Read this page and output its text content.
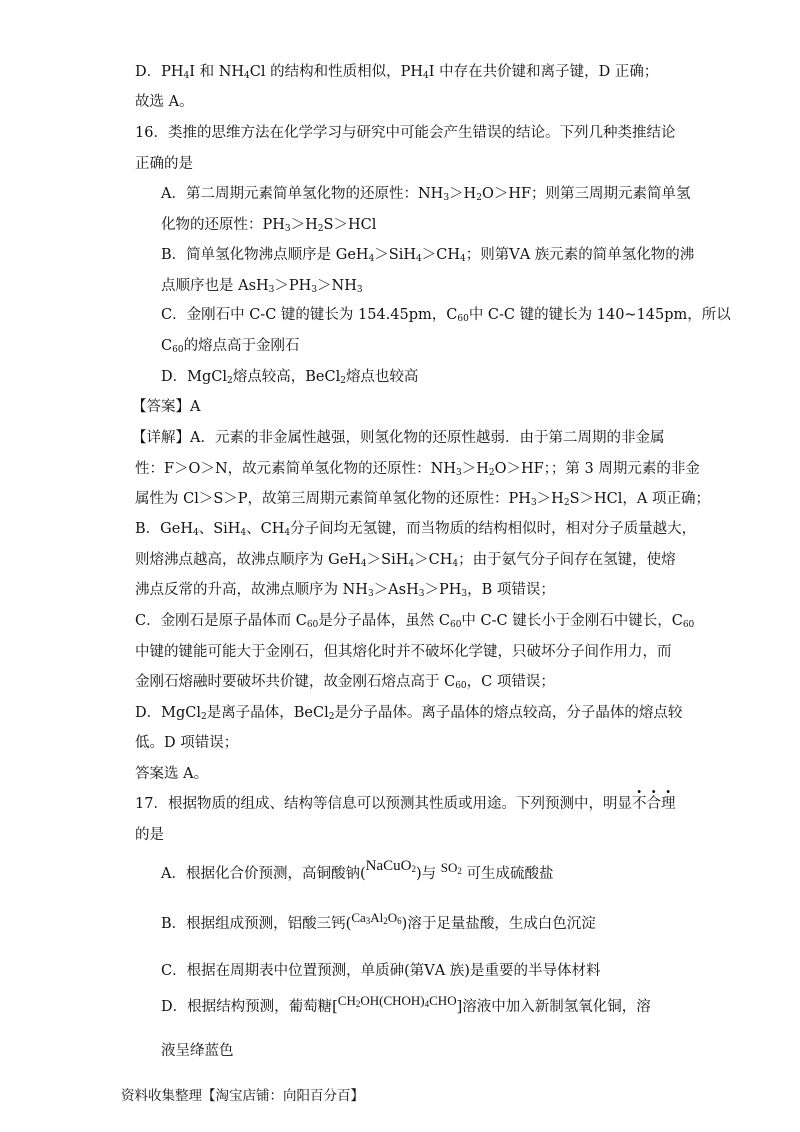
D．$PH_4I$ 和 $NH_4Cl$ 的结构和性质相似，$PH_4I$ 中存在共价键和离子键，D 正确；
故选 A。
16．类推的思维方法在化学学习与研究中可能会产生错误的结论。下列几种类推结论
正确的是
A．第二周期元素简单氢化物的还原性：$NH_3>H_2O>HF$；则第三周期元素简单氢
化物的还原性：$PH_3>H_2S>HCl$
B．简单氢化物沸点顺序是 $GeH_4>SiH_4>CH_4$；则第ⅤA 族元素的简单氢化物的沸
点顺序也是 $AsH_3>PH_3>NH_3$
C．金刚石中 C-C 键的键长为 154.45pm，$C_{60}$中 C-C 键的键长为 140~145pm，所以
$C_{60}$的熔点高于金刚石
D．MgCl$_2$熔点较高，BeCl$_2$熔点也较高
【答案】A
【详解】A．元素的非金属性越强，则氢化物的还原性越弱．由于第二周期的非金属
性：F＞O＞N，故元素简单氢化物的还原性：$NH_3>H_2O>HF$；；第 3 周期元素的非金
属性为 Cl＞S＞P，故第三周期元素简单氢化物的还原性：$PH_3>H_2S>HCl$，A 项正确；
B．GeH$_4$、SiH$_4$、$CH_4$分子间均无氢键，而当物质的结构相似时，相对分子质量越大，
则熔沸点越高，故沸点顺序为 $GeH_4>SiH_4>CH_4$；由于氨气分子间存在氢键，使熔
沸点反常的升高，故沸点顺序为 $NH_3>AsH_3>PH_3$，B 项错误；
C．金刚石是原子晶体而 $C_{60}$是分子晶体，虽然 $C_{60}$中 C-C 键长小于金刚石中键长，$C_{60}$
中键的键能可能大于金刚石，但其熔化时并不破坏化学键，只破坏分子间作用力，而
金刚石熔融时要破坏共价键，故金刚石熔点高于 $C_{60}$，C 项错误；
D．MgCl$_2$是离子晶体，BeCl$_2$是分子晶体。离子晶体的熔点较高，分子晶体的熔点较
低。D 项错误；
答案选 A。
17．根据物质的组成、结构等信息可以预测其性质或用途。下列预测中，明显不合理
的是
A．根据化合价预测，高铜酸钠(NaCuO$_2$)与 $SO_2$ 可生成硫酸盐
B．根据组成预测，铝酸三钙$(Ca_3Al_2O_6)$溶于足量盐酸，生成白色沉淀
C．根据在周期表中位置预测，单质砷(第ⅤA 族)是重要的半导体材料
D．根据结构预测，葡萄糖$[CH_2OH(CHOH)_4CHO]$溶液中加入新制氢氧化铜，溶
液呈绛蓝色
资料收集整理【淘宝店铺：向阳百分百】
